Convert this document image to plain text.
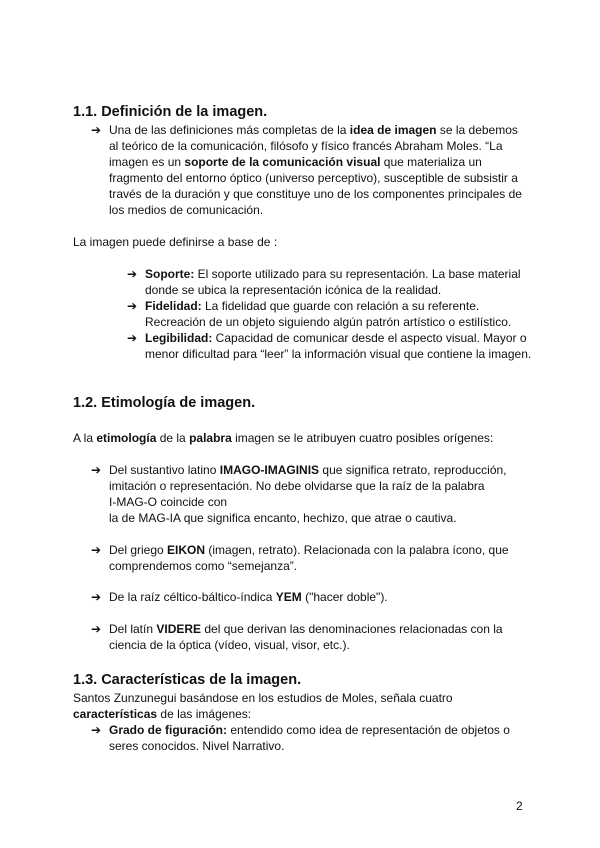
1.1. Definición de la imagen.
➔ Una de las definiciones más completas de la idea de imagen se la debemos al teórico de la comunicación, filósofo y físico francés Abraham Moles. “La imagen es un soporte de la comunicación visual que materializa un fragmento del entorno óptico (universo perceptivo), susceptible de subsistir a través de la duración y que constituye uno de los componentes principales de los medios de comunicación.
La imagen puede definirse a base de :
➔ Soporte: El soporte utilizado para su representación. La base material donde se ubica la representación icónica de la realidad.
➔ Fidelidad: La fidelidad que guarde con relación a su referente. Recreación de un objeto siguiendo algún patrón artístico o estilístico.
➔ Legibilidad: Capacidad de comunicar desde el aspecto visual. Mayor o menor dificultad para “leer” la información visual que contiene la imagen.
1.2. Etimología de imagen.
A la etimología de la palabra imagen se le atribuyen cuatro posibles orígenes:
➔ Del sustantivo latino IMAGO-IMAGINIS que significa retrato, reproducción, imitación o representación. No debe olvidarse que la raíz de la palabra
I-MAG-O coincide con
la de MAG-IA que significa encanto, hechizo, que atrae o cautiva.
➔ Del griego EIKON (imagen, retrato). Relacionada con la palabra ícono, que comprendemos como “semejanza”.
➔ De la raíz céltico-báltico-índica YEM ("hacer doble").
➔ Del latín VIDERE del que derivan las denominaciones relacionadas con la ciencia de la óptica (vídeo, visual, visor, etc.).
1.3. Características de la imagen.
Santos Zunzunegui basándose en los estudios de Moles, señala cuatro
características de las imágenes:
➔ Grado de figuración: entendido como idea de representación de objetos o seres conocidos. Nivel Narrativo.
2
